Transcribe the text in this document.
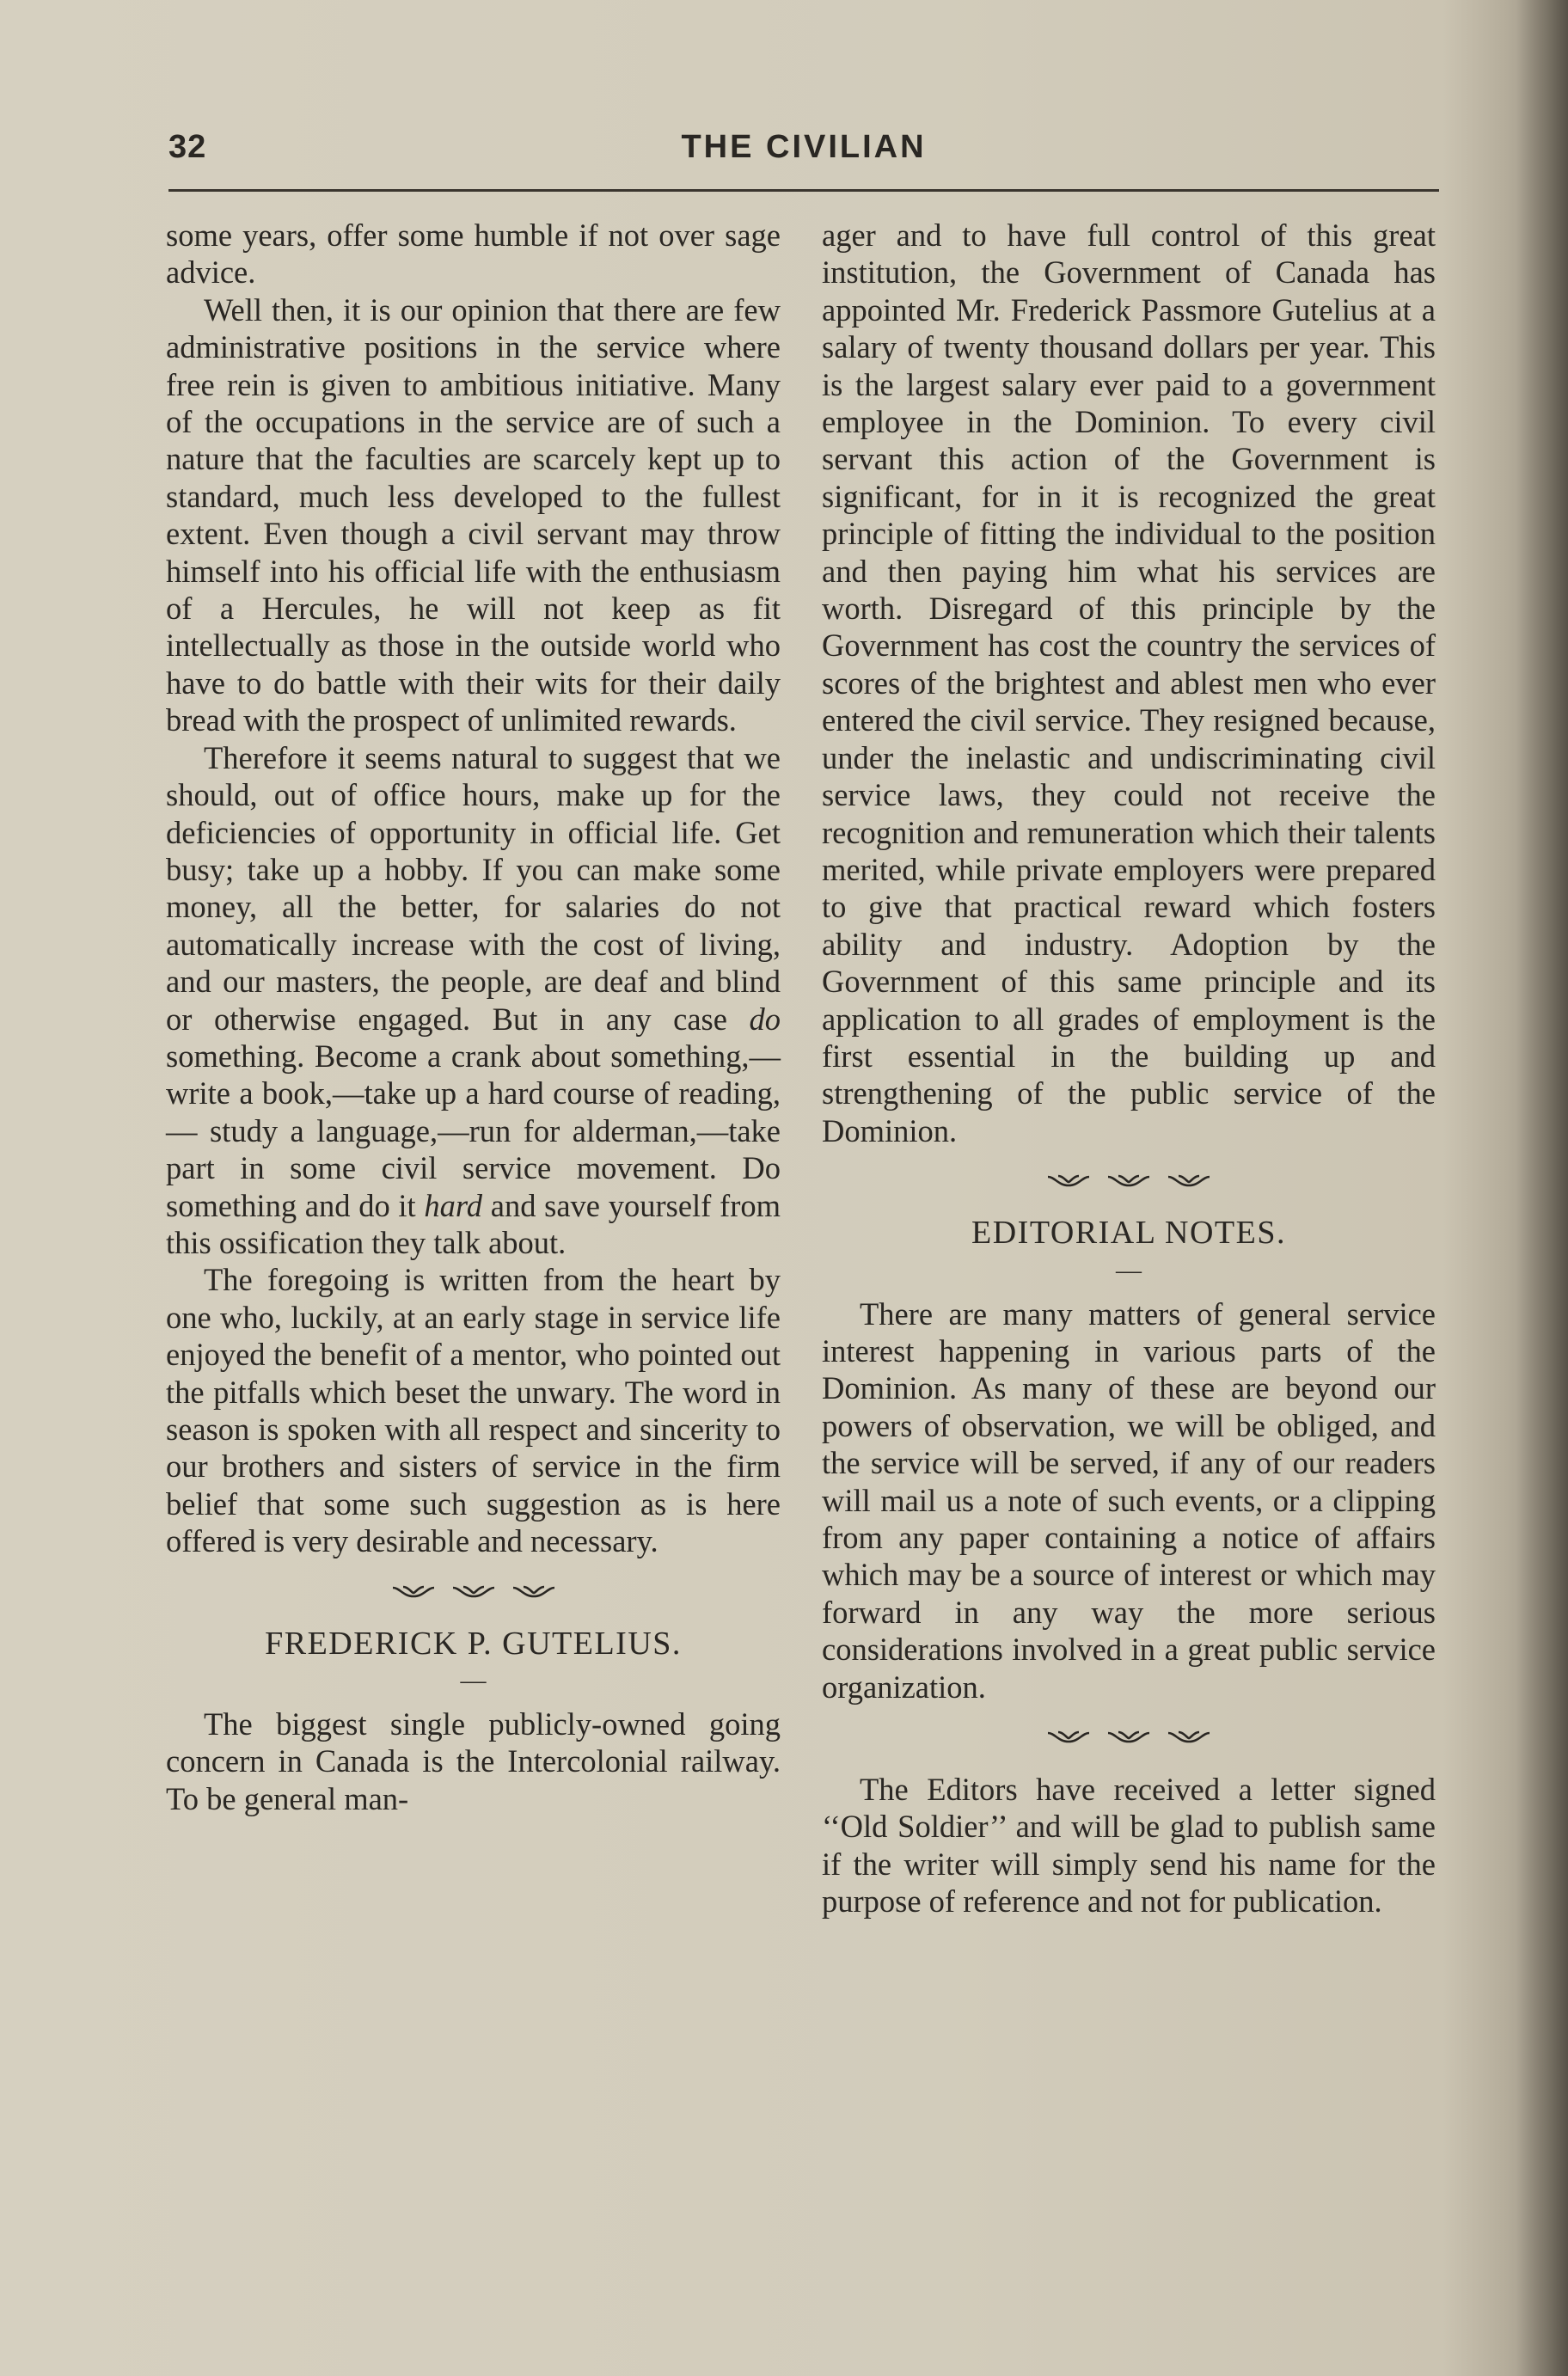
32	THE CIVILIAN

some years, offer some humble if not over sage advice.

Well then, it is our opinion that there are few administrative positions in the service where free rein is given to ambitious initiative. Many of the occupations in the service are of such a nature that the faculties are scarcely kept up to standard, much less developed to the fullest extent. Even though a civil servant may throw himself into his official life with the enthusiasm of a Hercules, he will not keep as fit intellectually as those in the outside world who have to do battle with their wits for their daily bread with the prospect of unlimited rewards.

Therefore it seems natural to suggest that we should, out of office hours, make up for the deficiencies of opportunity in official life. Get busy; take up a hobby. If you can make some money, all the better, for salaries do not automatically increase with the cost of living, and our masters, the people, are deaf and blind or otherwise engaged. But in any case do something. Become a crank about something,—write a book,—take up a hard course of reading, — study a language,—run for alderman,—take part in some civil service movement. Do something and do it hard and save yourself from this ossification they talk about.

The foregoing is written from the heart by one who, luckily, at an early stage in service life enjoyed the benefit of a mentor, who pointed out the pitfalls which beset the unwary. The word in season is spoken with all respect and sincerity to our brothers and sisters of service in the firm belief that some such suggestion as is here offered is very desirable and necessary.

FREDERICK P. GUTELIUS.
—

The biggest single publicly-owned going concern in Canada is the Intercolonial railway. To be general man-

ager and to have full control of this great institution, the Government of Canada has appointed Mr. Frederick Passmore Gutelius at a salary of twenty thousand dollars per year. This is the largest salary ever paid to a government employee in the Dominion. To every civil servant this action of the Government is significant, for in it is recognized the great principle of fitting the individual to the position and then paying him what his services are worth. Disregard of this principle by the Government has cost the country the services of scores of the brightest and ablest men who ever entered the civil service. They resigned because, under the inelastic and undiscriminating civil service laws, they could not receive the recognition and remuneration which their talents merited, while private employers were prepared to give that practical reward which fosters ability and industry. Adoption by the Government of this same principle and its application to all grades of employment is the first essential in the building up and strengthening of the public service of the Dominion.

EDITORIAL NOTES.
—

There are many matters of general service interest happening in various parts of the Dominion. As many of these are beyond our powers of observation, we will be obliged, and the service will be served, if any of our readers will mail us a note of such events, or a clipping from any paper containing a notice of affairs which may be a source of interest or which may forward in any way the more serious considerations involved in a great public service organization.

The Editors have received a letter signed ‘‘Old Soldier’’ and will be glad to publish same if the writer will simply send his name for the purpose of reference and not for publication.
